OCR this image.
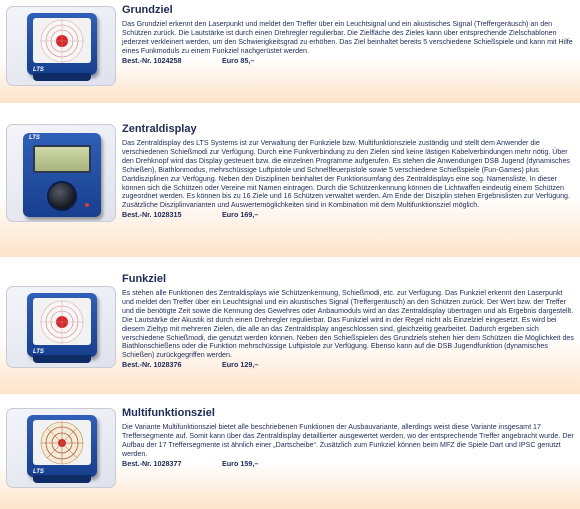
LTS
Grundziel
Das Grundziel erkennt den Laserpunkt und meldet den Treffer über ein Leuchtsignal und ein akustisches Signal (Treffergeräusch) an den Schützen zurück. Die Lautstärke ist durch einen Drehregler regulierbar. Die Zielfläche des Zieles kann über entsprechende Zielschablonen jederzeit verkleinert werden, um den Schwierigkeitsgrad zu erhöhen. Das Ziel beinhaltet bereits 5 verschiedene Schießspiele und kann mit Hilfe eines Funkmoduls zu einem Funkziel nachgerüstet werden.
Best.-Nr. 1024258	Euro 85,–
LTS
Zentraldisplay
Das Zentraldisplay des LTS Systems ist zur Verwaltung der Funkziele bzw. Multifunktionsziele zuständig und stellt dem Anwender die verschiedenen Schießmodi zur Verfügung. Durch eine Funkverbindung zu den Zielen sind keine lästigen Kabelverbindungen mehr nötig. Über den Drehknopf wird das Display gesteuert bzw. die einzelnen Programme aufgerufen. Es stehen die Anwendungen DSB Jugend (dynamisches Schießen), Biathlonmodus, mehrschüssige Luftpistole und Schnellfeuerpistole sowie 5 verschiedene Schießspiele (Fun-Games) plus Dartdisziplinen zur Verfügung. Neben den Disziplinen beinhaltet der Funktionsumfang des Zentraldisplays eine sog. Namensliste. In dieser können sich die Schützen oder Vereine mit Namen eintragen. Durch die Schützenkennung können die Lichtwaffen eindeutig einem Schützen zugeordnet werden. Es können bis zu 16 Ziele und 16 Schützen verwaltet werden. Am Ende der Disziplin stehen Ergebnislisten zur Verfügung. Zusätzliche Disziplinvarianten und Auswertemöglichkeiten sind in Kombination mit dem Multifunktionsziel möglich.
Best.-Nr. 1028315	Euro 169,–
LTS
Funkziel
Es stehen alle Funktionen des Zentraldisplays wie Schützenkennung, Schießmodi, etc. zur Verfügung. Das Funkziel erkennt den Laserpunkt und meldet den Treffer über ein Leuchtsignal und ein akustisches Signal (Treffergeräusch) an den Schützen zurück. Der Wert bzw. der Treffer und die benötigte Zeit sowie die Kennung des Gewehres oder Anbaumoduls wird an das Zentraldisplay übertragen und als Ergebnis dargestellt. Die Lautstärke der Akustik ist durch einen Drehregler regulierbar. Das Funkziel wird in der Regel nicht als Einzelziel eingesetzt. Es wird bei diesem Zieltyp mit mehreren Zielen, die alle an das Zentraldisplay angeschlossen sind, gleichzeitig gearbeitet. Dadurch ergeben sich verschiedene Schießmodi, die genutzt werden können. Neben den Schießspielen des Grundziels stehen hier dem Schützen die Möglichkeit des Biathlonschießens oder die Funktion mehrschüssige Luftpistole zur Verfügung. Ebenso kann auf die DSB Jugendfunktion (dynamisches Schießen) zurückgegriffen werden.
Best.-Nr. 1028376	Euro 129,–
LTS
Multifunktionsziel
Die Variante Multifunktionsziel bietet alle beschriebenen Funktionen der Ausbauvariante, allerdings weist diese Variante insgesamt 17 Treffersegmente auf. Somit kann über das Zentraldisplay detaillierter ausgewertet werden, wo der entsprechende Treffer angebracht wurde. Der Aufbau der 17 Treffersegmente ist ähnlich einer „Dartscheibe“. Zusätzlich zum Funkziel können beim MFZ die Spiele Dart und IPSC genutzt werden.
Best.-Nr. 1028377	Euro 159,–
